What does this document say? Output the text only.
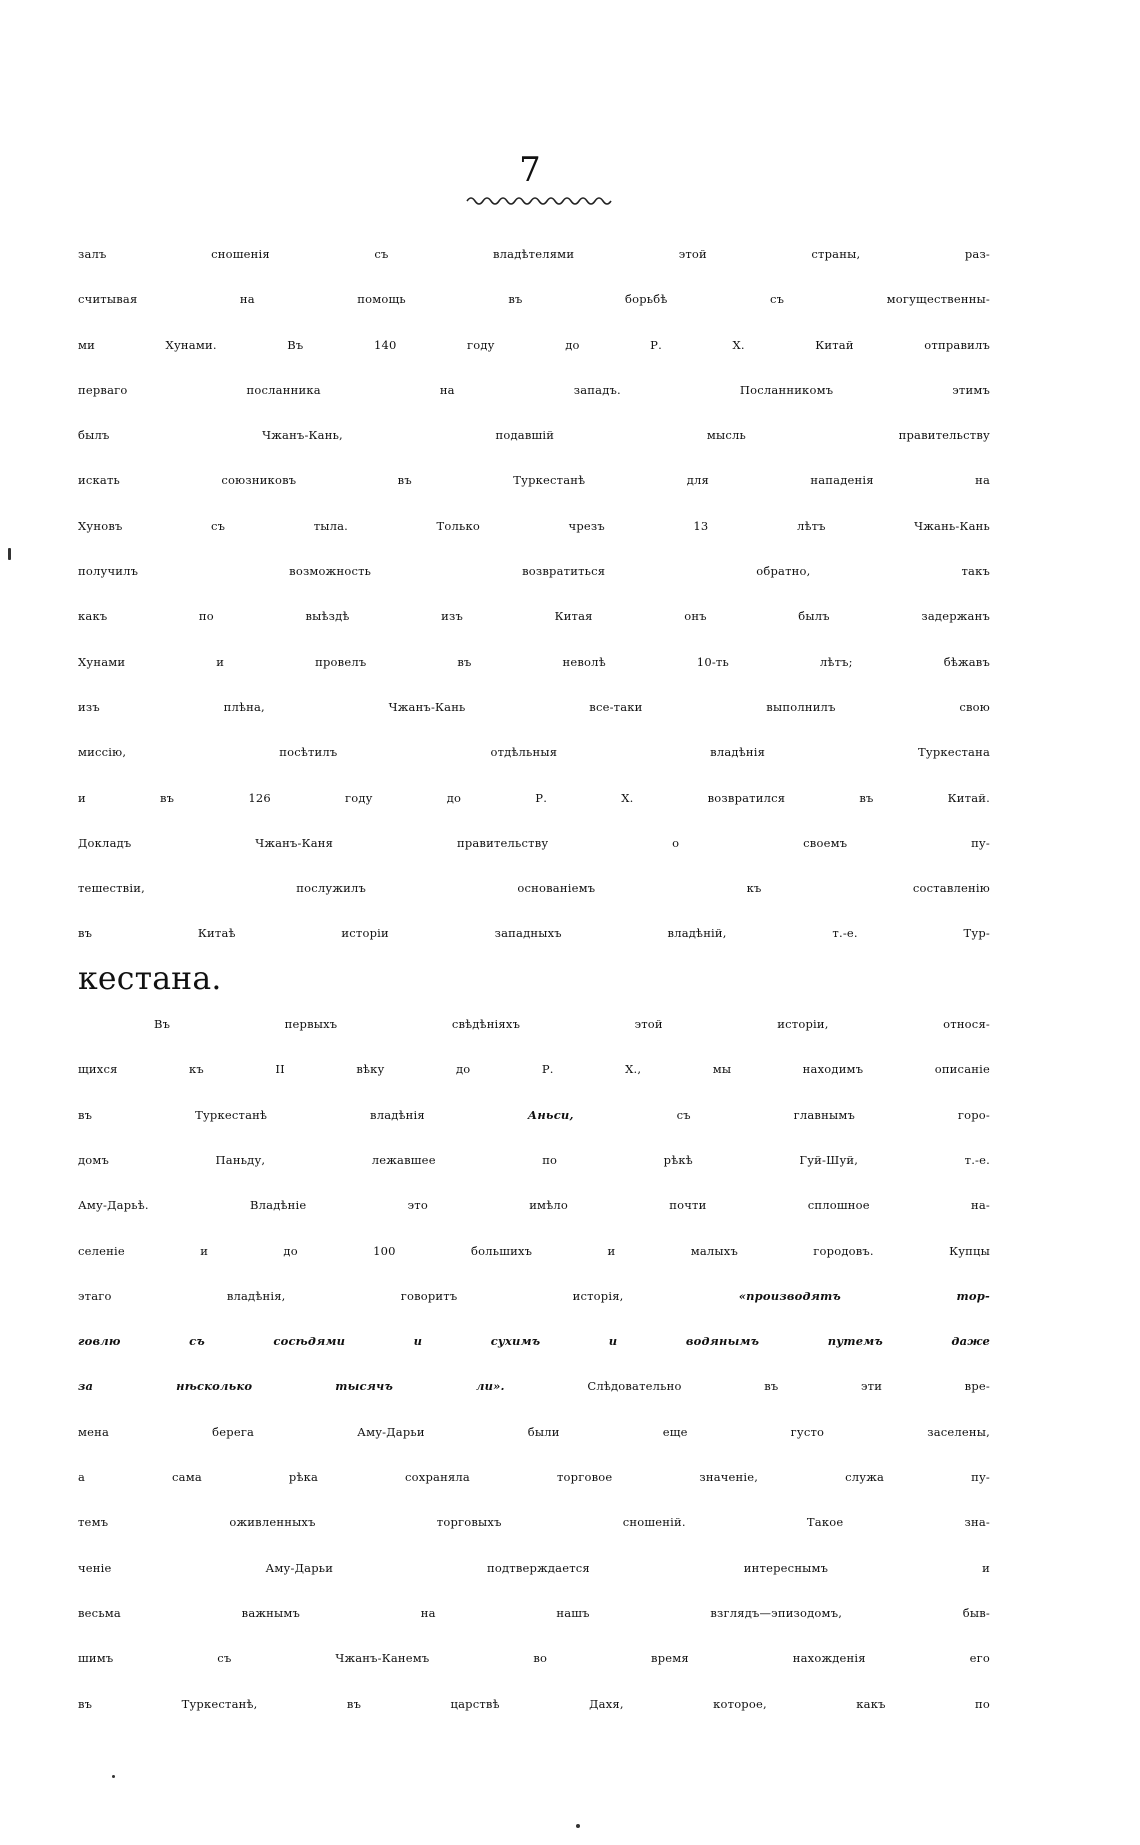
7
залъ сношенія съ владѣтелями этой страны, раз-
считывая на помощь въ борьбѣ съ могущественны-
ми Хунами. Въ 140 году до Р. Х. Китай отправилъ
перваго посланника на западъ. Посланникомъ этимъ
былъ Чжанъ-Кань, подавшій мысль правительству
искать союзниковъ въ Туркестанѣ для нападенія на
Хуновъ съ тыла. Только чрезъ 13 лѣтъ Чжань-Кань
получилъ возможность возвратиться обратно, такъ
какъ по выѣздѣ изъ Китая онъ былъ задержанъ
Хунами и провелъ въ неволѣ 10-ть лѣтъ; бѣжавъ
изъ плѣна, Чжанъ-Кань все-таки выполнилъ свою
миссію, посѣтилъ отдѣльныя владѣнія Туркестана
и въ 126 году до Р. Х. возвратился въ Китай.
Докладъ Чжанъ-Каня правительству о своемъ пу-
тешествіи, послужилъ основаніемъ къ составленію
въ Китаѣ исторіи западныхъ владѣній, т.-е. Тур-
кестана.
Въ первыхъ свѣдѣніяхъ этой исторіи, относя-
щихся къ II вѣку до Р. Х., мы находимъ описаніе
въ Туркестанѣ владѣнія Аньси, съ главнымъ горо-
домъ Паньду, лежавшее по рѣкѣ Гуй-Шуй, т.-е.
Аму-Дарьѣ. Владѣніе это имѣло почти сплошное на-
селеніе и до 100 большихъ и малыхъ городовъ. Купцы
этаго владѣнія, говоритъ исторія, «производятъ тор-
говлю съ сосѣдями и сухимъ и водянымъ путемъ даже
за нѣсколько тысячъ ли». Слѣдовательно въ эти вре-
мена берега Аму-Дарьи были еще густо заселены,
а сама рѣка сохраняла торговое значеніе, служа пу-
темъ оживленныхъ торговыхъ сношеній. Такое зна-
ченіе Аму-Дарьи подтверждается интереснымъ и
весьма важнымъ на нашъ взглядъ—эпизодомъ, быв-
шимъ съ Чжанъ-Канемъ во время нахожденія его
въ Туркестанѣ, въ царствѣ Дахя, которое, какъ по
